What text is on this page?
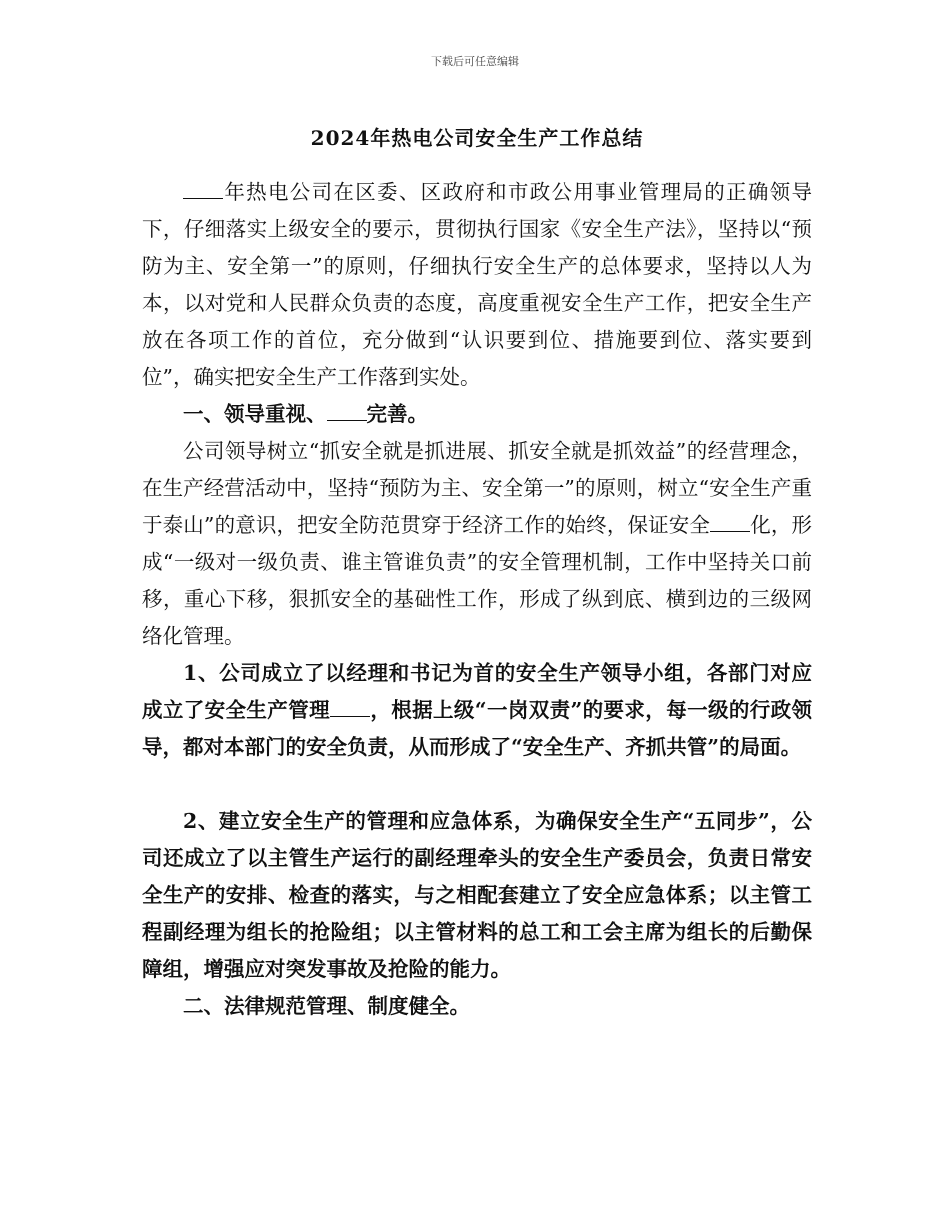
下载后可任意编辑
2024年热电公司安全生产工作总结

年热电公司在区委、区政府和市政公用事业管理局的正确领导下，仔细落实上级安全的要示，贯彻执行国家《安全生产法》，坚持以“预防为主、安全第一”的原则，仔细执行安全生产的总体要求，坚持以人为本，以对党和人民群众负责的态度，高度重视安全生产工作，把安全生产放在各项工作的首位，充分做到“认识要到位、措施要到位、落实要到位”，确实把安全生产工作落到实处。

一、领导重视、 完善。

公司领导树立“抓安全就是抓进展、抓安全就是抓效益”的经营理念，在生产经营活动中，坚持“预防为主、安全第一”的原则，树立“安全生产重于泰山”的意识，把安全防范贯穿于经济工作的始终，保证安全 化，形成“一级对一级负责、谁主管谁负责”的安全管理机制，工作中坚持关口前移，重心下移，狠抓安全的基础性工作，形成了纵到底、横到边的三级网络化管理。

1、公司成立了以经理和书记为首的安全生产领导小组，各部门对应成立了安全生产管理 ，根据上级“一岗双责”的要求，每一级的行政领导，都对本部门的安全负责，从而形成了“安全生产、齐抓共管”的局面。

2、建立安全生产的管理和应急体系，为确保安全生产“五同步”，公司还成立了以主管生产运行的副经理牵头的安全生产委员会，负责日常安全生产的安排、检查的落实，与之相配套建立了安全应急体系；以主管工程副经理为组长的抢险组；以主管材料的总工和工会主席为组长的后勤保障组，增强应对突发事故及抢险的能力。

二、法律规范管理、制度健全。
